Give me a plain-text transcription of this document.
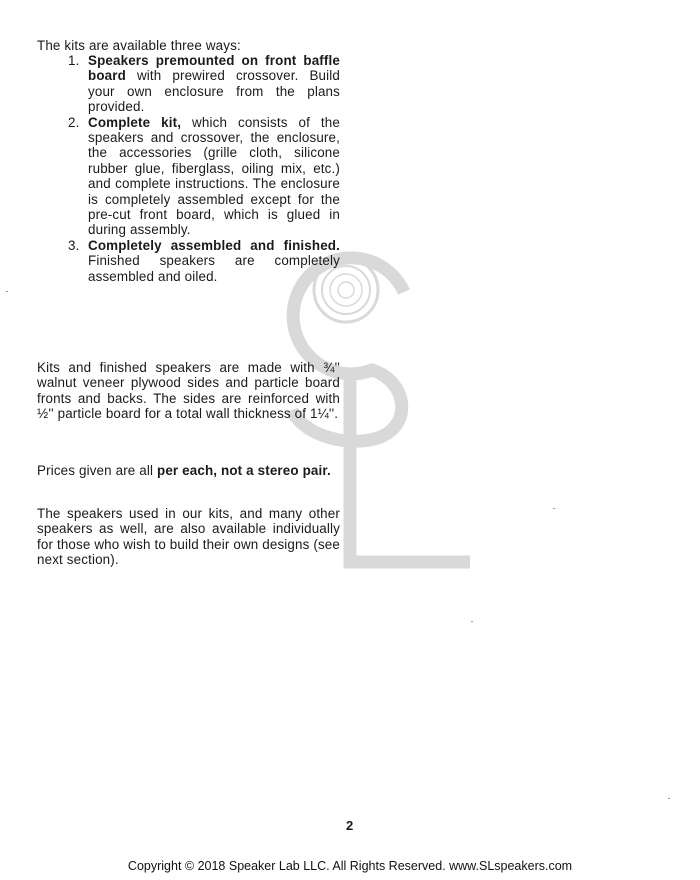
The kits are available three ways:
1. Speakers premounted on front baffle board with prewired crossover. Build your own enclosure from the plans provided.
2. Complete kit, which consists of the speakers and crossover, the enclosure, the accessories (grille cloth, silicone rubber glue, fiberglass, oiling mix, etc.) and complete instructions. The enclosure is completely assembled except for the pre-cut front board, which is glued in during assembly.
3. Completely assembled and finished. Finished speakers are completely assembled and oiled.

Kits and finished speakers are made with ¾'' walnut veneer plywood sides and particle board fronts and backs. The sides are reinforced with ½'' particle board for a total wall thickness of 1¼''.

Prices given are all per each, not a stereo pair.

The speakers used in our kits, and many other speakers as well, are also available individually for those who wish to build their own designs (see next section).

2
Copyright © 2018 Speaker Lab LLC. All Rights Reserved. www.SLspeakers.com
